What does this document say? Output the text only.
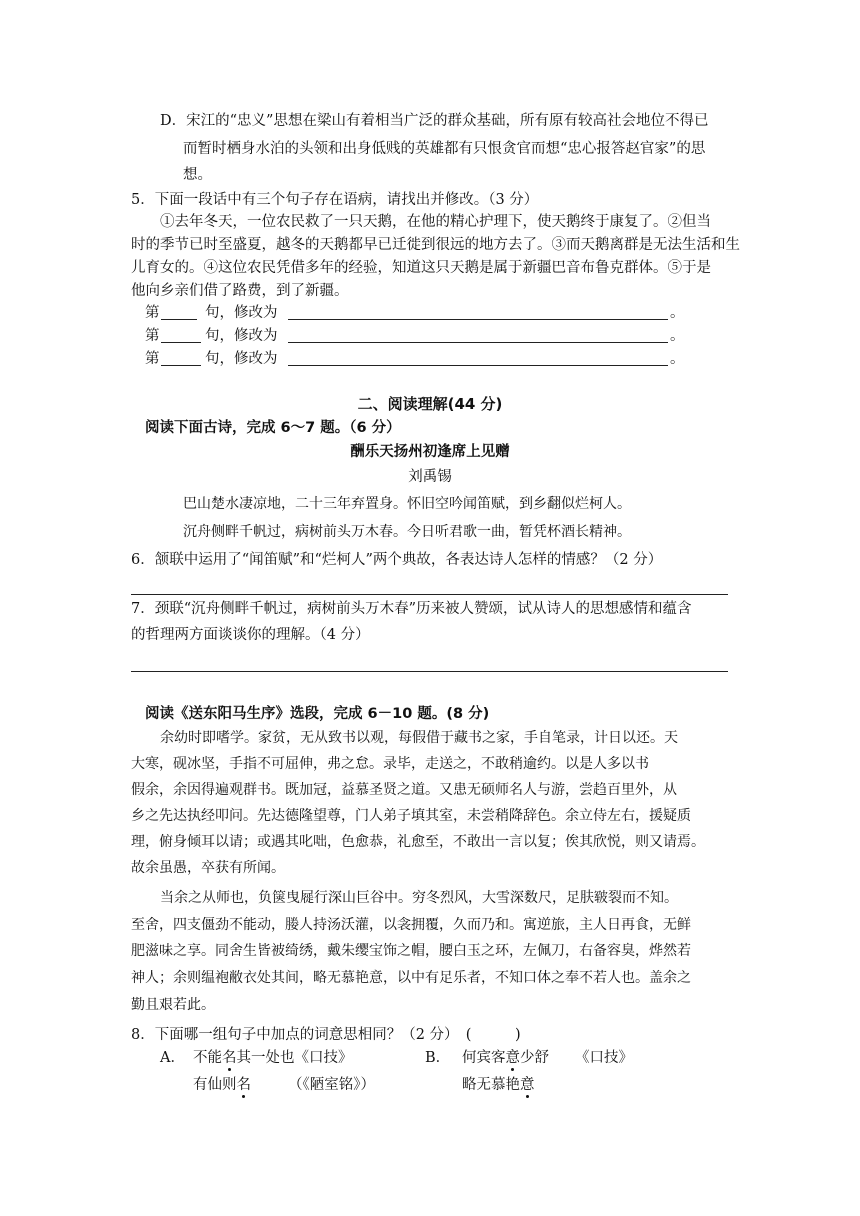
D．宋江的“忠义”思想在梁山有着相当广泛的群众基础，所有原有较高社会地位不得已
而暂时栖身水泊的头领和出身低贱的英雄都有只恨贪官而想“忠心报答赵官家”的思
想。
5．下面一段话中有三个句子存在语病，请找出并修改。（3 分）
①去年冬天，一位农民救了一只天鹅，在他的精心护理下，使天鹅终于康复了。②但当
时的季节已时至盛夏，越冬的天鹅都早已迁徙到很远的地方去了。③而天鹅离群是无法生活和生
儿育女的。④这位农民凭借多年的经验，知道这只天鹅是属于新疆巴音布鲁克群体。⑤于是
他向乡亲们借了路费，到了新疆。
第	句，修改为	。
第	句，修改为	。
第	句，修改为	。
二、阅读理解(44 分)
阅读下面古诗，完成 6～7 题。（6 分）
酬乐天扬州初逢席上见赠
刘禹锡
巴山楚水凄凉地，二十三年弃置身。怀旧空吟闻笛赋，到乡翻似烂柯人。
沉舟侧畔千帆过，病树前头万木春。今日听君歌一曲，暂凭杯酒长精神。
6．颔联中运用了“闻笛赋”和“烂柯人”两个典故，各表达诗人怎样的情感？（2 分）
7．颈联“沉舟侧畔千帆过，病树前头万木春”历来被人赞颂，试从诗人的思想感情和蕴含
的哲理两方面谈谈你的理解。（4 分）
阅读《送东阳马生序》选段，完成 6－10 题。(8 分)
余幼时即嗜学。家贫，无从致书以观，每假借于藏书之家，手自笔录，计日以还。天
大寒，砚冰坚，手指不可屈伸，弗之怠。录毕，走送之，不敢稍逾约。以是人多以书
假余，余因得遍观群书。既加冠，益慕圣贤之道。又患无硕师名人与游，尝趋百里外，从
乡之先达执经叩问。先达德隆望尊，门人弟子填其室，未尝稍降辞色。余立侍左右，援疑质
理，俯身倾耳以请；或遇其叱咄，色愈恭，礼愈至，不敢出一言以复；俟其欣悦，则又请焉。
故余虽愚，卒获有所闻。
当余之从师也，负箧曳屣行深山巨谷中。穷冬烈风，大雪深数尺，足肤皲裂而不知。
至舍，四支僵劲不能动，媵人持汤沃灌，以衾拥覆，久而乃和。寓逆旅，主人日再食，无鲜
肥滋味之享。同舍生皆被绮绣，戴朱缨宝饰之帽，腰白玉之环，左佩刀，右备容臭，烨然若
神人；余则缊袍敝衣处其间，略无慕艳意，以中有足乐者，不知口体之奉不若人也。盖余之
勤且艰若此。
8．下面哪一组句子中加点的词意思相同？（2 分）　(　　　)
A． 不能名其一处也《口技》
有仙则名	（《陋室铭》）
B． 何宾客意少舒 《口技》
略无慕艳意
